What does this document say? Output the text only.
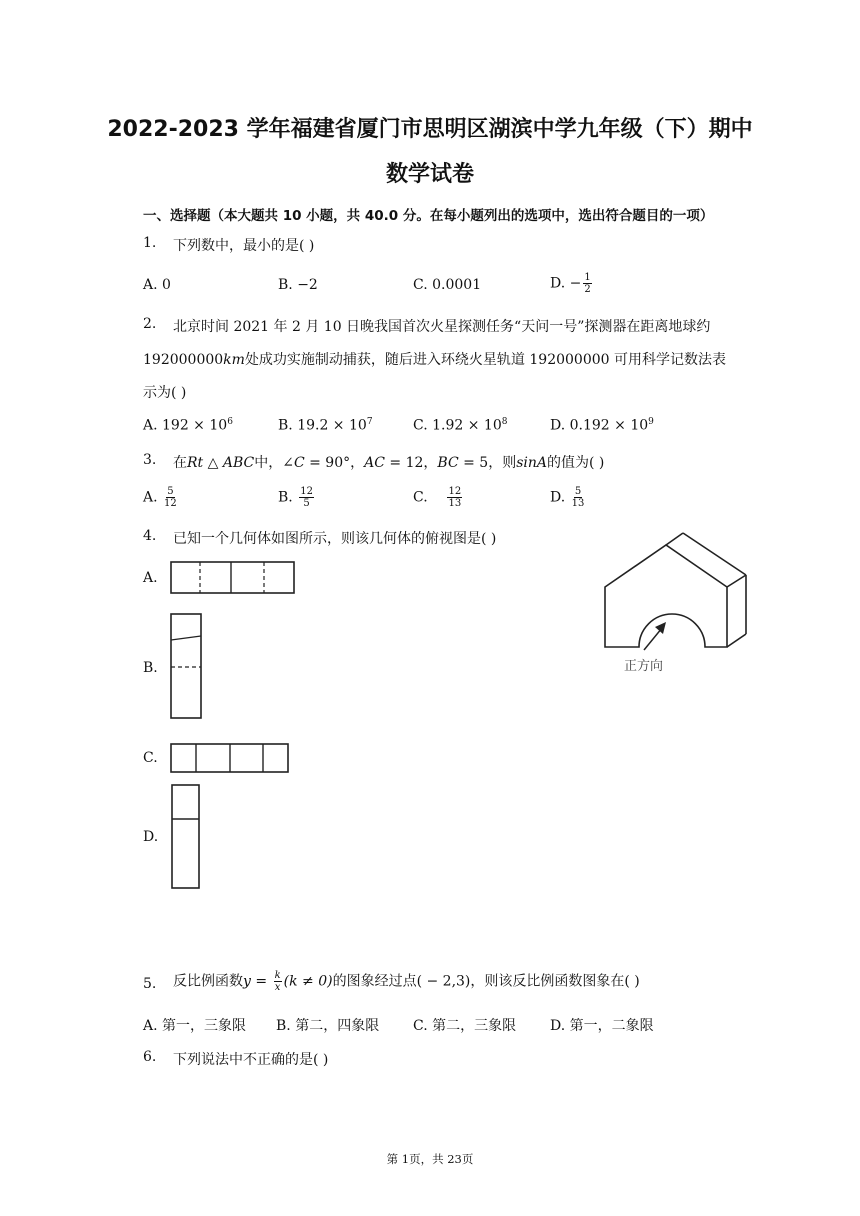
2022-2023 学年福建省厦门市思明区湖滨中学九年级（下）期中
数学试卷
一、选择题（本大题共 10 小题，共 40.0 分。在每小题列出的选项中，选出符合题目的一项）
1. 下列数中，最小的是( )
A. 0	B. −2	C. 0.0001	D. − $\frac{1}{2}$
2. 北京时间 2021 年 2 月 10 日晚我国首次火星探测任务“天问一号”探测器在距离地球约
192000000km处成功实施制动捕获，随后进入环绕火星轨道 192000000 可用科学记数法表
示为( )
A. $192 \times 10^6$	B. $19.2 \times 10^7$	C. $1.92 \times 10^8$	D. $0.192 \times 10^9$
3. 在Rt △ ABC中，∠C = 90°，AC = 12，BC = 5，则sinA的值为( )
A. $\frac{5}{12}$	B. $\frac{12}{5}$	C. $\frac{12}{13}$	D. $\frac{5}{13}$
4. 已知一个几何体如图所示，则该几何体的俯视图是( )
A.
B.
C.
D.
正方向
5. 反比例函数$y = \frac{k}{x} (k \ne 0)$的图象经过点( − 2,3)，则该反比例函数图象在( )
A. 第一，三象限 B. 第二，四象限 C. 第二，三象限 D. 第一，二象限
6. 下列说法中不正确的是( )
第 1页，共 23页
